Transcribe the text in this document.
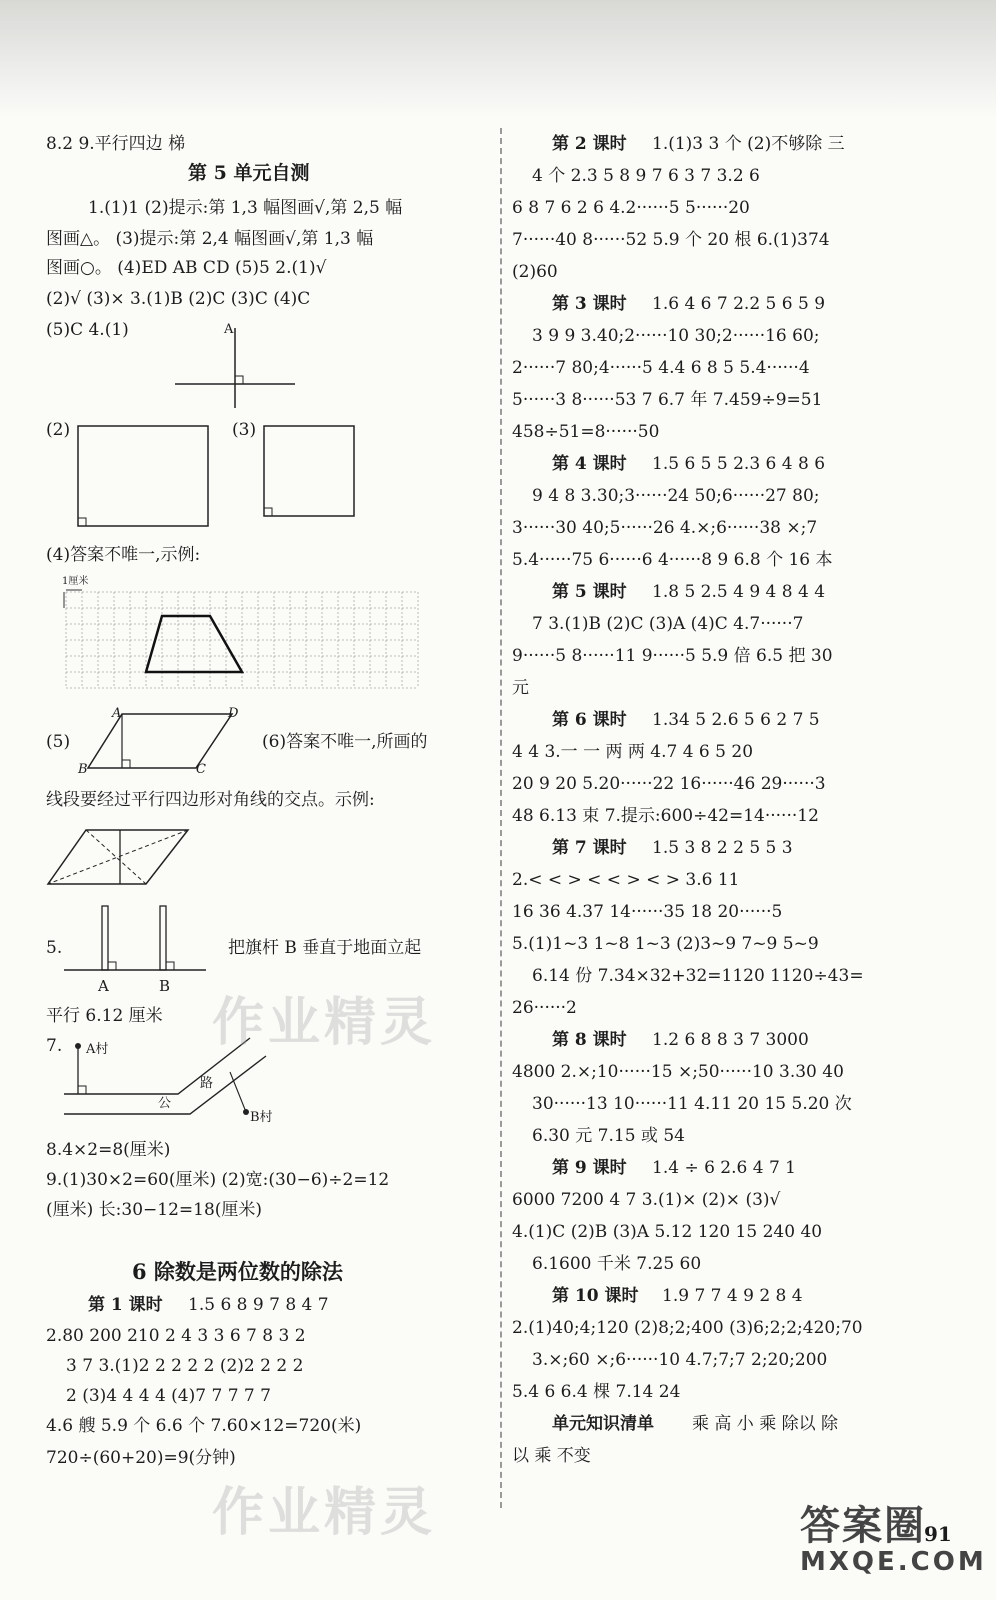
8.2 9.平行四边 梯
第 5 单元自测
1.(1)1 (2)提示:第 1,3 幅图画√,第 2,5 幅
图画△。 (3)提示:第 2,4 幅图画√,第 1,3 幅
图画○。 (4)ED AB CD (5)5 2.(1)√
(2)√ (3)× 3.(1)B (2)C (3)C (4)C
(5)C 4.(1)	A
(2)	(3)
(4)答案不唯一,示例:
1厘米
(5)
A	D
B	C
(6)答案不唯一,所画的
线段要经过平行四边形对角线的交点。示例:
5.
A	B
把旗杆 B 垂直于地面立起
平行 6.12 厘米
7. A村
B村
公
路
8.4×2=8(厘米)
9.(1)30×2=60(厘米) (2)宽:(30−6)÷2=12
(厘米) 长:30−12=18(厘米)
6 除数是两位数的除法
第 1 课时 1.5 6 8 9 7 8 4 7
2.80 200 210 2 4 3 3 6 7 8 3 2
3 7 3.(1)2 2 2 2 2 (2)2 2 2 2
2 (3)4 4 4 4 (4)7 7 7 7 7
4.6 艘 5.9 个 6.6 个 7.60×12=720(米)
720÷(60+20)=9(分钟)
第 2 课时 1.(1)3 3 个 (2)不够除 三
4 个 2.3 5 8 9 7 6 3 7 3.2 6
6 8 7 6 2 6 4.2······5 5······20
7······40 8······52 5.9 个 20 根 6.(1)374
(2)60
第 3 课时 1.6 4 6 7 2.2 5 6 5 9
3 9 9 3.40;2······10 30;2······16 60;
2······7 80;4······5 4.4 6 8 5 5.4······4
5······3 8······53 7 6.7 年 7.459÷9=51
458÷51=8······50
第 4 课时 1.5 6 5 5 2.3 6 4 8 6
9 4 8 3.30;3······24 50;6······27 80;
3······30 40;5······26 4.×;6······38 ×;7
5.4······75 6······6 4······8 9 6.8 个 16 本
第 5 课时 1.8 5 2.5 4 9 4 8 4 4
7 3.(1)B (2)C (3)A (4)C 4.7······7
9······5 8······11 9······5 5.9 倍 6.5 把 30
元
第 6 课时 1.34 5 2.6 5 6 2 7 5
4 4 3.一 一 两 两 4.7 4 6 5 20
20 9 20 5.20······22 16······46 29······3
48 6.13 束 7.提示:600÷42=14······12
第 7 课时 1.5 3 8 2 2 5 5 3
2.< < > < < > < > 3.6 11
16 36 4.37 14······35 18 20······5
5.(1)1~3 1~8 1~3 (2)3~9 7~9 5~9
6.14 份 7.34×32+32=1120 1120÷43=
26······2
第 8 课时 1.2 6 8 8 3 7 3000
4800 2.×;10······15 ×;50······10 3.30 40
30······13 10······11 4.11 20 15 5.20 次
6.30 元 7.15 或 54
第 9 课时 1.4 ÷ 6 2.6 4 7 1
6000 7200 4 7 3.(1)× (2)× (3)√
4.(1)C (2)B (3)A 5.12 120 15 240 40
6.1600 千米 7.25 60
第 10 课时 1.9 7 7 4 9 2 8 4
2.(1)40;4;120 (2)8;2;400 (3)6;2;2;420;70
3.×;60 ×;6······10 4.7;7;7 2;20;200
5.4 6 6.4 棵 7.14 24
单元知识清单 乘 高 小 乘 除以 除
以 乘 不变
作业精灵
作业精灵	答案圈
MXQE.COM
91
